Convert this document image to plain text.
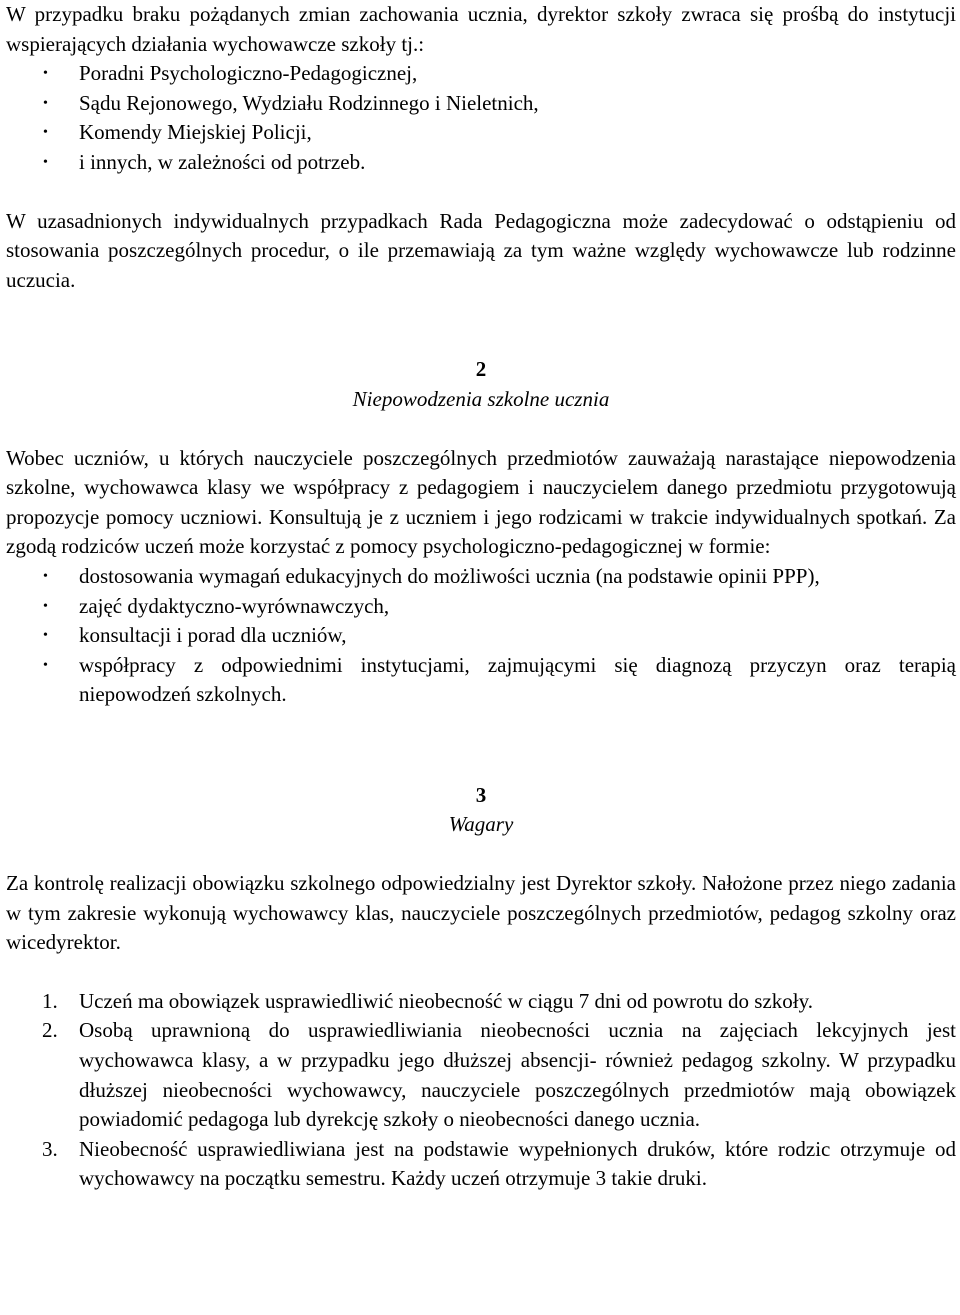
W przypadku braku pożądanych zmian zachowania ucznia, dyrektor szkoły zwraca się prośbą do instytucji wspierających działania wychowawcze szkoły tj.:

• Poradni Psychologiczno-Pedagogicznej,
• Sądu Rejonowego, Wydziału Rodzinnego i Nieletnich,
• Komendy Miejskiej Policji,
• i innych, w zależności od potrzeb.

W uzasadnionych indywidualnych przypadkach Rada Pedagogiczna może zadecydować o odstąpieniu od stosowania poszczególnych procedur, o ile przemawiają za tym ważne względy wychowawcze lub rodzinne uczucia.

2
Niepowodzenia szkolne ucznia

Wobec uczniów, u których nauczyciele poszczególnych przedmiotów zauważają narastające niepowodzenia szkolne, wychowawca klasy we współpracy z pedagogiem i nauczycielem danego przedmiotu przygotowują propozycje pomocy uczniowi. Konsultują je z uczniem i jego rodzicami w trakcie indywidualnych spotkań. Za zgodą rodziców uczeń może korzystać z pomocy psychologiczno-pedagogicznej w formie:

• dostosowania wymagań edukacyjnych do możliwości ucznia (na podstawie opinii PPP),
• zajęć dydaktyczno-wyrównawczych,
• konsultacji i porad dla uczniów,
• współpracy z odpowiednimi instytucjami, zajmującymi się diagnozą przyczyn oraz terapią niepowodzeń szkolnych.
3
Wagary

Za kontrolę realizacji obowiązku szkolnego odpowiedzialny jest Dyrektor szkoły. Nałożone przez niego zadania w tym zakresie wykonują wychowawcy klas, nauczyciele poszczególnych przedmiotów, pedagog szkolny oraz wicedyrektor.

1. Uczeń ma obowiązek usprawiedliwić nieobecność w ciągu 7 dni od powrotu do szkoły.
2. Osobą uprawnioną do usprawiedliwiania nieobecności ucznia na zajęciach lekcyjnych jest wychowawca klasy, a w przypadku jego dłuższej absencji- również pedagog szkolny. W przypadku dłuższej nieobecności wychowawcy, nauczyciele poszczególnych przedmiotów mają obowiązek powiadomić pedagoga lub dyrekcję szkoły o nieobecności danego ucznia.
3. Nieobecność usprawiedliwiana jest na podstawie wypełnionych druków, które rodzic otrzymuje od wychowawcy na początku semestru. Każdy uczeń otrzymuje 3 takie druki.
